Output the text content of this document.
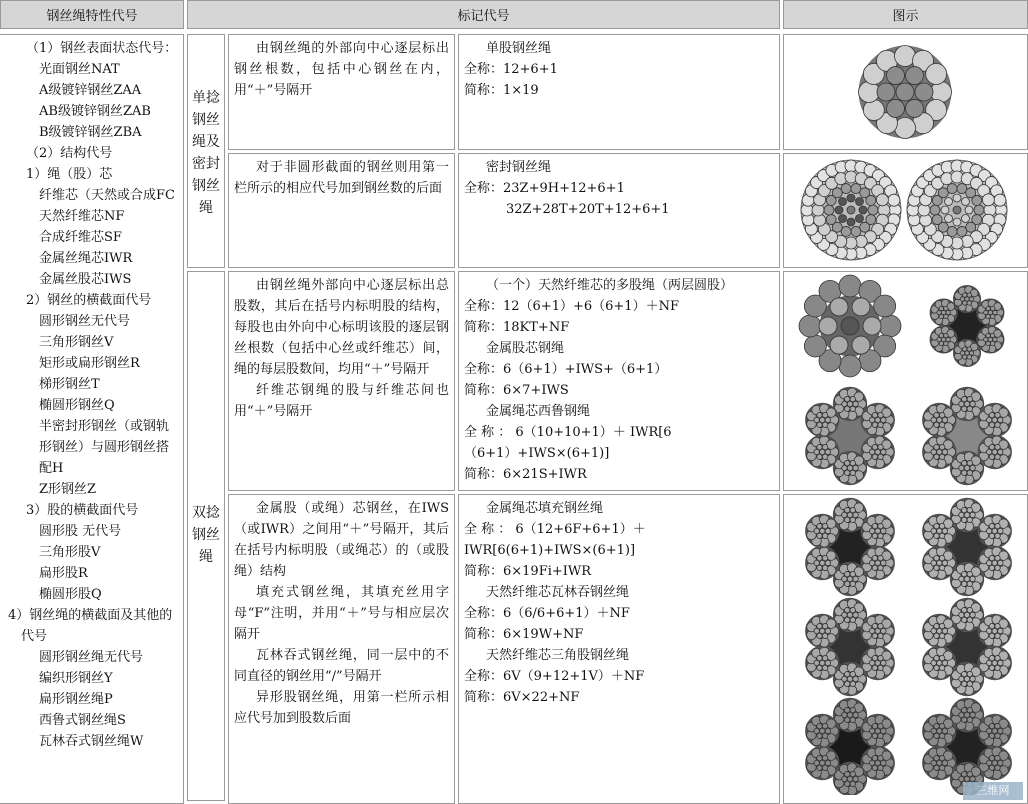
钢丝绳特性代号	标记代号	图示

（1）钢丝表面状态代号：

光面钢丝NAT

A级镀锌钢丝ZAA

AB级镀锌钢丝ZAB

B级镀锌钢丝ZBA

（2）结构代号

1）绳（股）芯

纤维芯（天然或合成FC

天然纤维芯NF

合成纤维芯SF

金属丝绳芯IWR

金属丝股芯IWS

2）钢丝的横截面代号

圆形钢丝无代号

三角形钢丝V

矩形或扁形钢丝R

梯形钢丝T

椭圆形钢丝Q

半密封形钢丝（或钢轨形钢丝）与圆形钢丝搭配H

Z形钢丝Z

3）股的横截面代号

圆形股 无代号

三角形股V

扁形股R

椭圆形股Q

4）钢丝绳的横截面及其他的代号

圆形钢丝绳无代号

编织形钢丝Y

扁形钢丝绳P

西鲁式钢丝绳S

瓦林吞式钢丝绳W

单捻钢丝绳及密封钢丝绳
双捻钢丝绳

由钢丝绳的外部向中心逐层标出钢丝根数，包括中心钢丝在内，用“＋”号隔开

单股钢丝绳

全称：12+6+1

简称：1×19

对于非圆形截面的钢丝则用第一栏所示的相应代号加到钢丝数的后面

密封钢丝绳

全称：23Z+9H+12+6+1

32Z+28T+20T+12+6+1

由钢丝绳外部向中心逐层标出总股数，其后在括号内标明股的结构，每股也由外向中心标明该股的逐层钢丝根数（包括中心丝或纤维芯）间，绳的每层股数间，均用“＋”号隔开

纤维芯钢绳的股与纤维芯间也用“＋”号隔开

（一个）天然纤维芯的多股绳（两层圆股）

全称：12（6+1）+6（6+1）＋NF

简称：18KT+NF

金属股芯钢绳

全称：6（6+1）+IWS+（6+1）

简称：6×7+IWS

金属绳芯西鲁钢绳

全 称 ： 6（10+10+1）＋ IWR[6（6+1）+IWS×(6+1)]

简称：6×21S+IWR

金属股（或绳）芯钢丝，在IWS（或IWR）之间用“＋”号隔开，其后在括号内标明股（或绳芯）的（或股绳）结构

填充式钢丝绳，其填充丝用字母“F”注明，并用“＋”号与相应层次隔开

瓦林吞式钢丝绳，同一层中的不同直径的钢丝用“/”号隔开

异形股钢丝绳，用第一栏所示相应代号加到股数后面

金属绳芯填充钢丝绳

全 称 ： 6（12+6F+6+1）＋ IWR[6(6+1)+IWS×(6+1)]

简称：6×19Fi+IWR

天然纤维芯瓦林吞钢丝绳

全称：6（6/6+6+1）＋NF

简称：6×19W+NF

天然纤维芯三角股钢丝绳

全称：6V（9+12+1V）＋NF

简称：6V×22+NF

三维网
